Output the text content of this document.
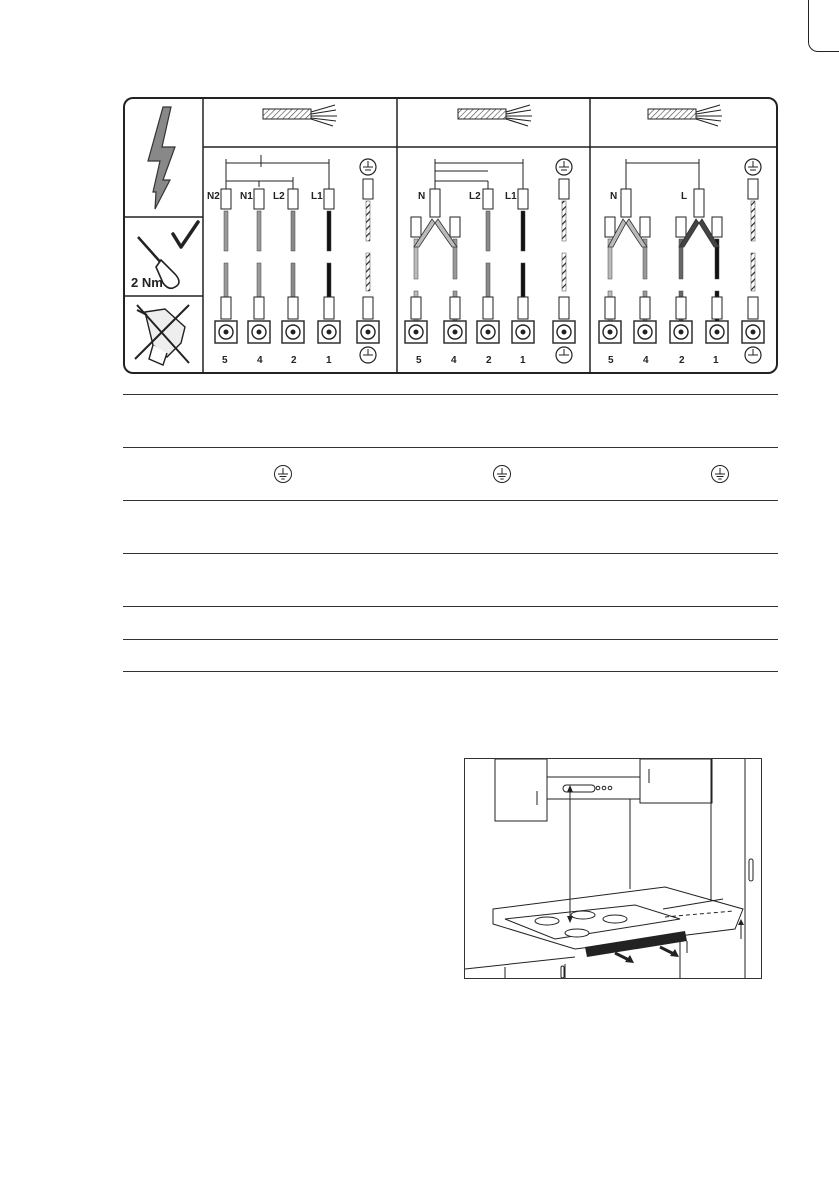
2 Nm
N2 N1 L2	L1
5	4	2	1
N	L2 L1
5	4	2	1
N	L
5	4	2	1
